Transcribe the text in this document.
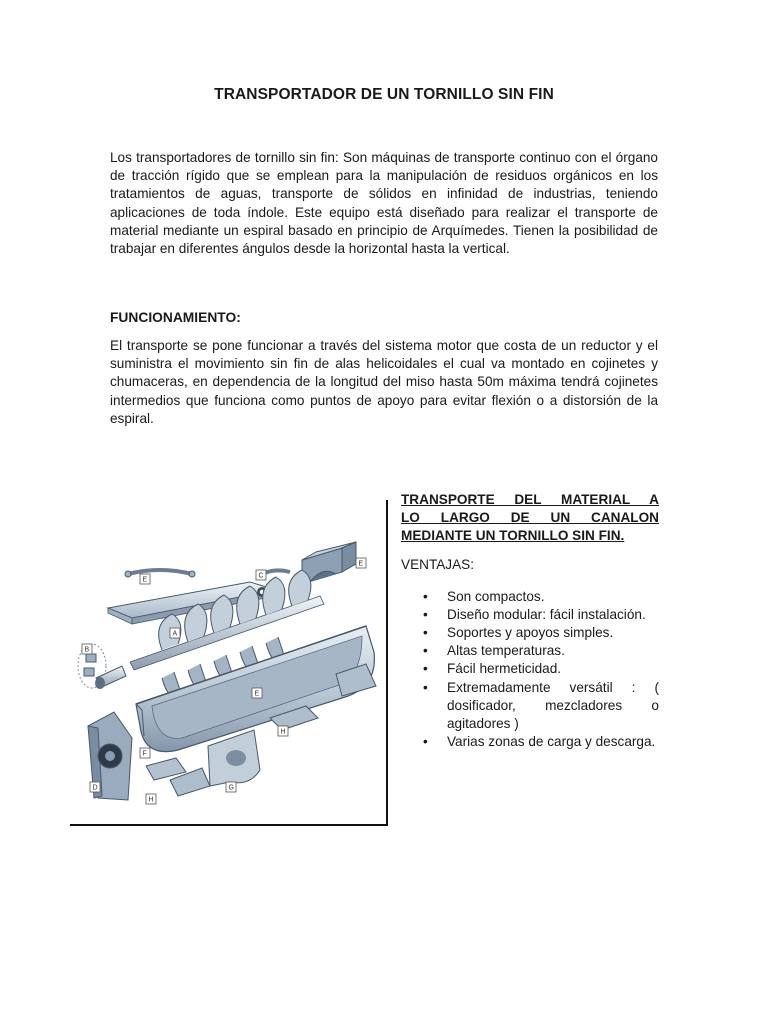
TRANSPORTADOR DE UN TORNILLO SIN FIN
Los transportadores de tornillo sin fin: Son máquinas de transporte continuo con el órgano de tracción rígido que se emplean para la manipulación de residuos orgánicos en los tratamientos de aguas, transporte de sólidos en infinidad de industrias, teniendo aplicaciones de toda índole. Este equipo está diseñado para realizar el transporte de material mediante un espiral basado en principio de Arquímedes. Tienen la posibilidad de trabajar en diferentes ángulos desde la horizontal hasta la vertical.
FUNCIONAMIENTO:
El transporte se pone funcionar a través del sistema motor que costa de un reductor y el suministra el movimiento sin fin de alas helicoidales el cual va montado en cojinetes y chumaceras, en dependencia de la longitud del miso hasta 50m máxima tendrá cojinetes intermedios que funciona como puntos de apoyo para evitar flexión o a distorsión de la espiral.
E
C
E
A
B
E
H
F
D
H
G
TRANSPORTE DEL MATERIAL A
LO LARGO DE UN CANALON
MEDIANTE UN TORNILLO SIN FIN.
VENTAJAS:
• Son compactos.
• Diseño modular: fácil instalación.
• Soportes y apoyos simples.
• Altas temperaturas.
• Fácil hermeticidad.
• Extremadamente versátil : ( dosificador, mezcladores o agitadores )
• Varias zonas de carga y descarga.
